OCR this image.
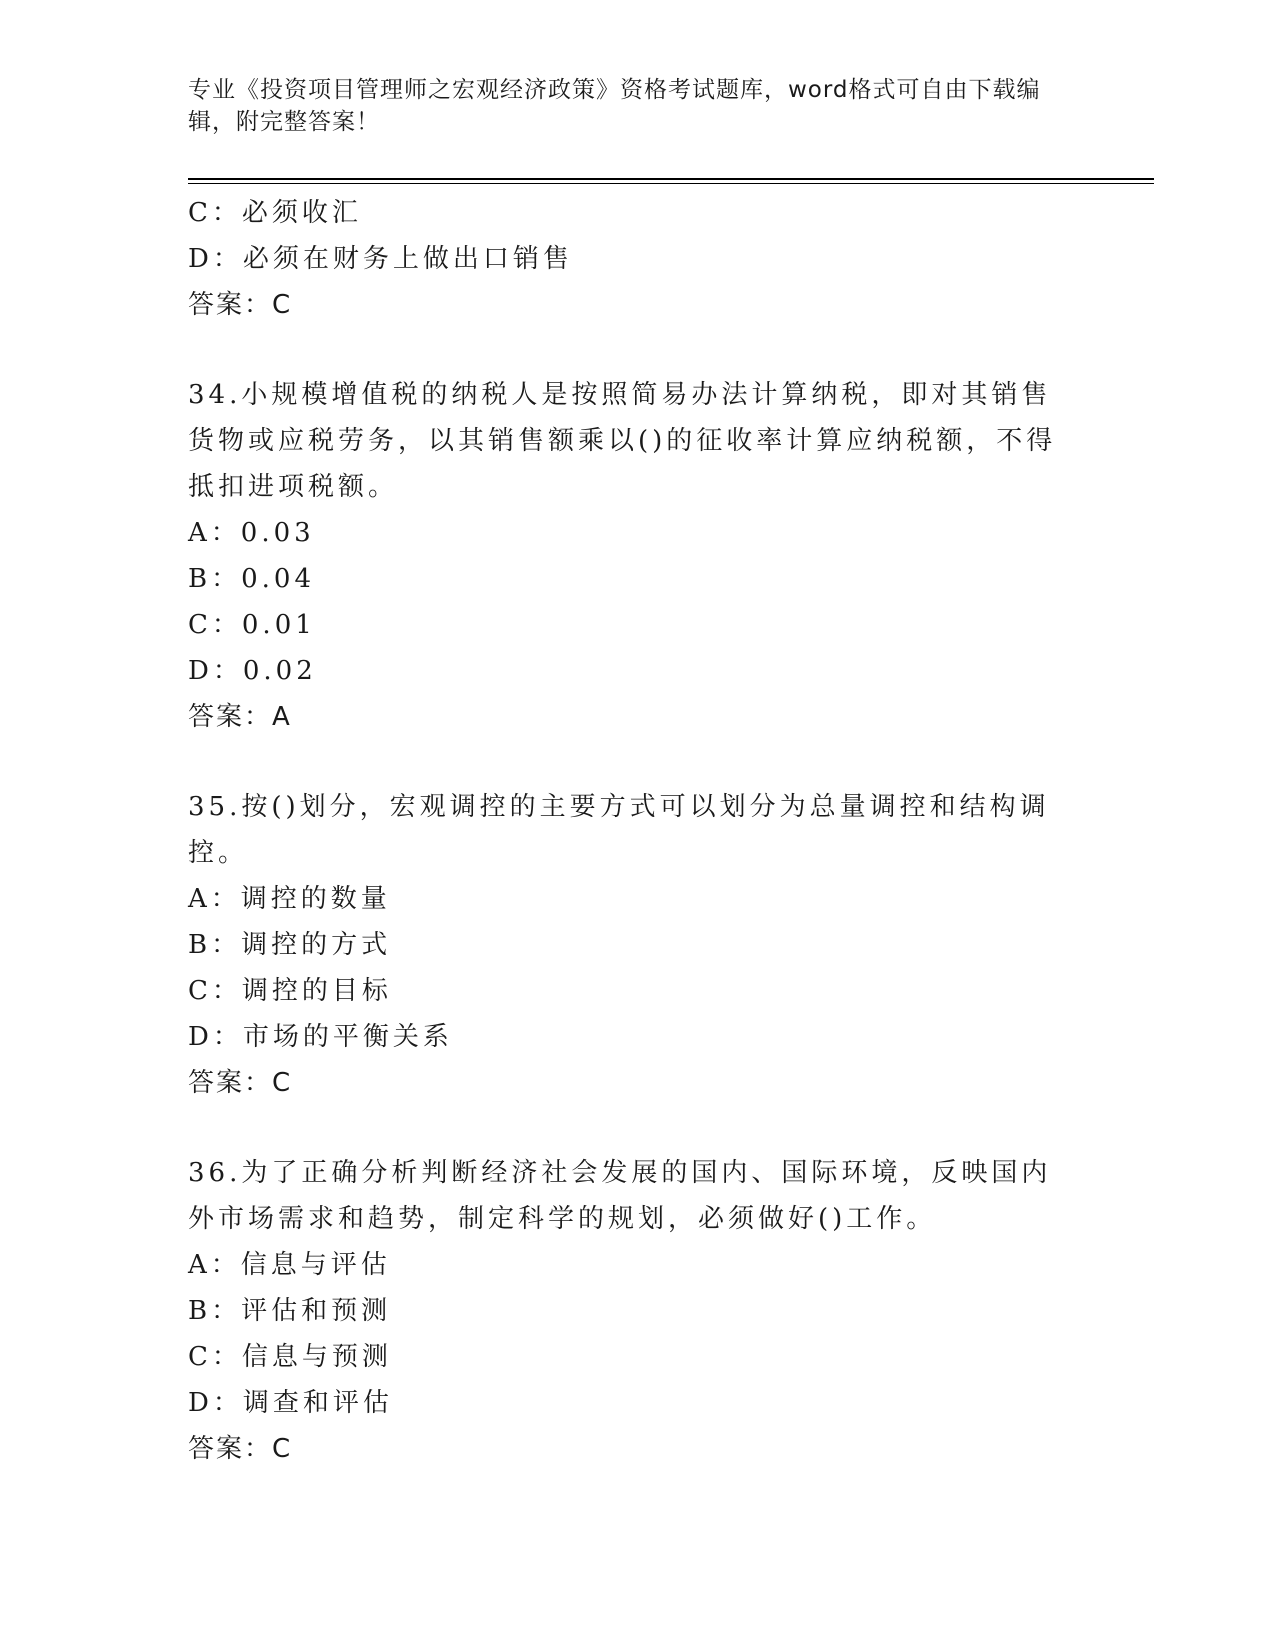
专业《投资项目管理师之宏观经济政策》资格考试题库，word格式可自由下载编辑，附完整答案！
C：必须收汇
D：必须在财务上做出口销售
答案：C
34.小规模增值税的纳税人是按照简易办法计算纳税，即对其销售货物或应税劳务，以其销售额乘以()的征收率计算应纳税额，不得抵扣进项税额。
A：0.03
B：0.04
C：0.01
D：0.02
答案：A
35.按()划分，宏观调控的主要方式可以划分为总量调控和结构调控。
A：调控的数量
B：调控的方式
C：调控的目标
D：市场的平衡关系
答案：C
36.为了正确分析判断经济社会发展的国内、国际环境，反映国内外市场需求和趋势，制定科学的规划，必须做好()工作。
A：信息与评估
B：评估和预测
C：信息与预测
D：调查和评估
答案：C
